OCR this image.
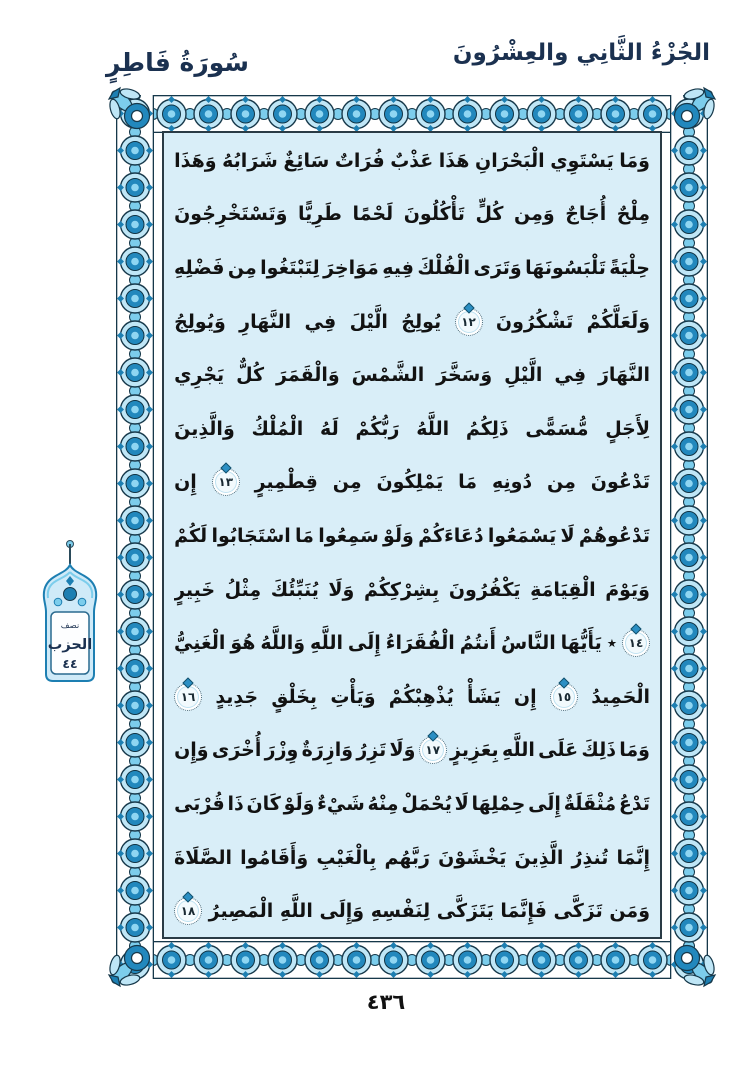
الجُزْءُ الثَّانِي والعِشْرُونَ
سُورَةُ فَاطِرٍ
وَمَا
يَسْتَوِي
الْبَحْرَانِ
هَذَا
عَذْبٌ
فُرَاتٌ
سَائِغٌ
شَرَابُهُ
وَهَذَا
مِلْحٌ
أُجَاجٌ
وَمِن
كُلٍّ
تَأْكُلُونَ
لَحْمًا
طَرِيًّا
وَتَسْتَخْرِجُونَ
حِلْيَةً
تَلْبَسُونَهَا
وَتَرَى
الْفُلْكَ
فِيهِ
مَوَاخِرَ
لِتَبْتَغُوا
مِن
فَضْلِهِ
وَلَعَلَّكُمْ
تَشْكُرُونَ
١٢
يُولِجُ
الَّيْلَ
فِي
النَّهَارِ
وَيُولِجُ
النَّهَارَ
فِي
الَّيْلِ
وَسَخَّرَ
الشَّمْسَ
وَالْقَمَرَ
كُلٌّ
يَجْرِي
لِأَجَلٍ
مُّسَمًّى
ذَلِكُمُ
اللَّهُ
رَبُّكُمْ
لَهُ
الْمُلْكُ
وَالَّذِينَ
تَدْعُونَ
مِن
دُونِهِ
مَا
يَمْلِكُونَ
مِن
قِطْمِيرٍ
١٣
إِن
تَدْعُوهُمْ
لَا
يَسْمَعُوا
دُعَاءَكُمْ
وَلَوْ
سَمِعُوا
مَا
اسْتَجَابُوا
لَكُمْ
وَيَوْمَ
الْقِيَامَةِ
يَكْفُرُونَ
بِشِرْكِكُمْ
وَلَا
يُنَبِّئُكَ
مِثْلُ
خَبِيرٍ
١٤
٭
يَأَيُّهَا
النَّاسُ
أَنتُمُ
الْفُقَرَاءُ
إِلَى
اللَّهِ
وَاللَّهُ
هُوَ
الْغَنِيُّ
الْحَمِيدُ
١٥
إِن
يَشَأْ
يُذْهِبْكُمْ
وَيَأْتِ
بِخَلْقٍ
جَدِيدٍ
١٦
وَمَا
ذَلِكَ
عَلَى
اللَّهِ
بِعَزِيزٍ
١٧
وَلَا
تَزِرُ
وَازِرَةٌ
وِزْرَ
أُخْرَى
وَإِن
تَدْعُ
مُثْقَلَةٌ
إِلَى
حِمْلِهَا
لَا
يُحْمَلْ
مِنْهُ
شَيْءٌ
وَلَوْ
كَانَ
ذَا
قُرْبَى
إِنَّمَا
تُنذِرُ
الَّذِينَ
يَخْشَوْنَ
رَبَّهُم
بِالْغَيْبِ
وَأَقَامُوا
الصَّلَاةَ
وَمَن
تَزَكَّى
فَإِنَّمَا
يَتَزَكَّى
لِنَفْسِهِ
وَإِلَى
اللَّهِ
الْمَصِيرُ
١٨
نصف
الحزب
٤٤
٤٣٦
